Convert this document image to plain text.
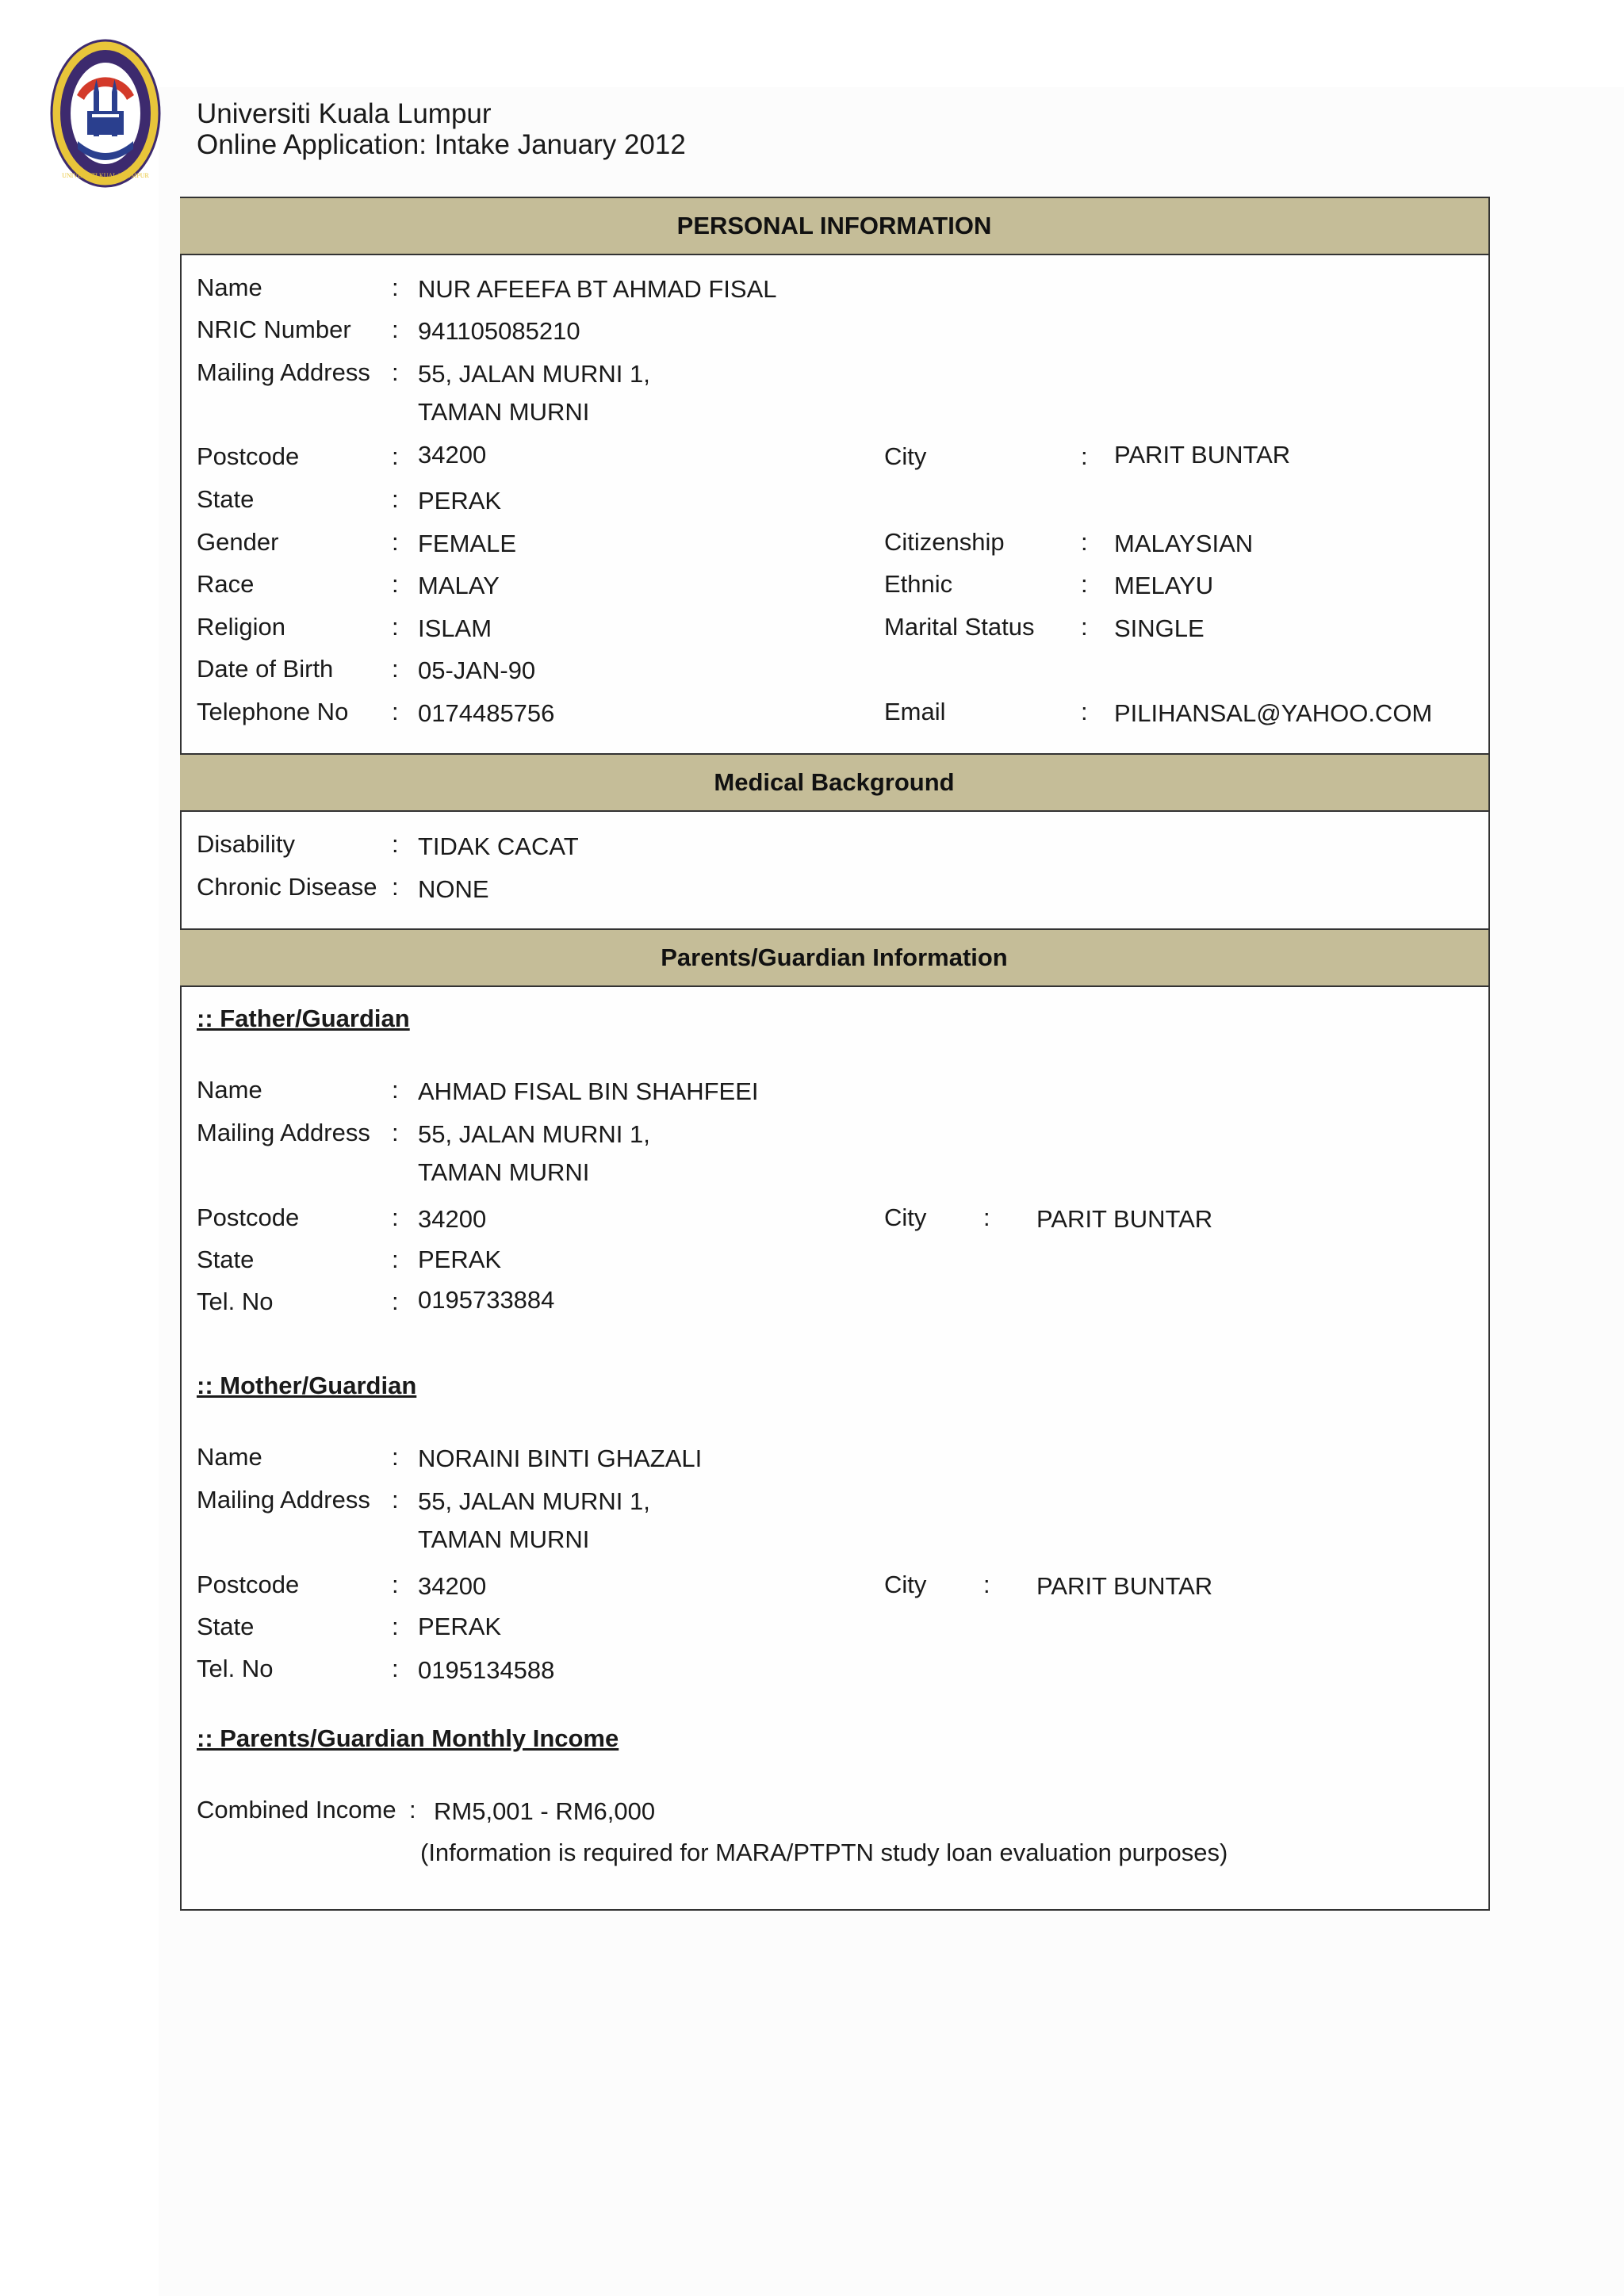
UNIVERSITI KUALA LUMPUR
Universiti Kuala Lumpur
Online Application: Intake January 2012
PERSONAL INFORMATION
Medical Background
Parents/Guardian Information
Name	: NUR AFEEFA BT AHMAD FISAL
NRIC Number : 941105085210
Mailing Address : 55, JALAN MURNI 1,
TAMAN MURNI
Postcode	: 34200	City	: PARIT BUNTAR
State	: PERAK
Gender	: FEMALE	Citizenship	: MALAYSIAN
Race	: MALAY	Ethnic	: MELAYU
Religion	: ISLAM	Marital Status : SINGLE
Date of Birth : 05-JAN-90
Telephone No : 0174485756	Email	: PILIHANSAL@YAHOO.COM
Disability	: TIDAK CACAT
Chronic Disease : NONE
:: Father/Guardian
Name	: AHMAD FISAL BIN SHAHFEEI
Mailing Address : 55, JALAN MURNI 1,
TAMAN MURNI
Postcode	: 34200	City : PARIT BUNTAR
State	: PERAK
Tel. No	: 0195733884
:: Mother/Guardian
Name	: NORAINI BINTI GHAZALI
Mailing Address : 55, JALAN MURNI 1,
TAMAN MURNI
Postcode	: 34200	City : PARIT BUNTAR
State	: PERAK
Tel. No	: 0195134588
:: Parents/Guardian Monthly Income
Combined Income : RM5,001 - RM6,000
(Information is required for MARA/PTPTN study loan evaluation purposes)
